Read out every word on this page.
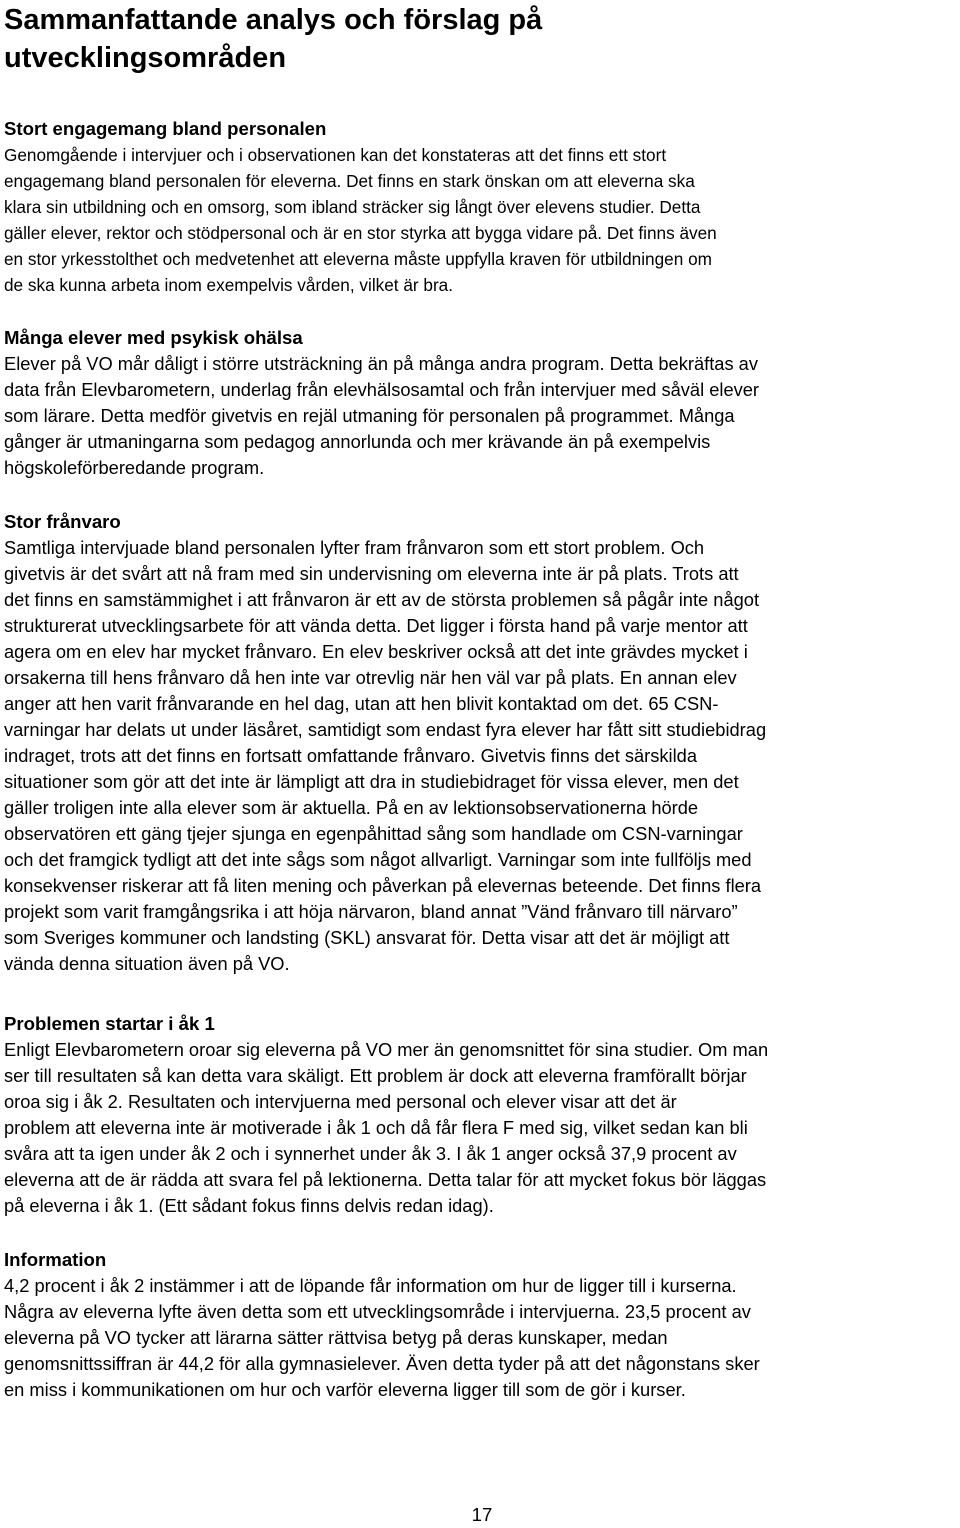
Sammanfattande analys och förslag på
utvecklingsområden
Stort engagemang bland personalen

Genomgående i intervjuer och i observationen kan det konstateras att det finns ett stort
engagemang bland personalen för eleverna. Det finns en stark önskan om att eleverna ska
klara sin utbildning och en omsorg, som ibland sträcker sig långt över elevens studier. Detta
gäller elever, rektor och stödpersonal och är en stor styrka att bygga vidare på. Det finns även
en stor yrkesstolthet och medvetenhet att eleverna måste uppfylla kraven för utbildningen om
de ska kunna arbeta inom exempelvis vården, vilket är bra.

Många elever med psykisk ohälsa

Elever på VO mår dåligt i större utsträckning än på många andra program. Detta bekräftas av
data från Elevbarometern, underlag från elevhälsosamtal och från intervjuer med såväl elever
som lärare. Detta medför givetvis en rejäl utmaning för personalen på programmet. Många
gånger är utmaningarna som pedagog annorlunda och mer krävande än på exempelvis
högskoleförberedande program.

Stor frånvaro

Samtliga intervjuade bland personalen lyfter fram frånvaron som ett stort problem. Och
givetvis är det svårt att nå fram med sin undervisning om eleverna inte är på plats. Trots att
det finns en samstämmighet i att frånvaron är ett av de största problemen så pågår inte något
strukturerat utvecklingsarbete för att vända detta. Det ligger i första hand på varje mentor att
agera om en elev har mycket frånvaro. En elev beskriver också att det inte grävdes mycket i
orsakerna till hens frånvaro då hen inte var otrevlig när hen väl var på plats. En annan elev
anger att hen varit frånvarande en hel dag, utan att hen blivit kontaktad om det. 65 CSN-
varningar har delats ut under läsåret, samtidigt som endast fyra elever har fått sitt studiebidrag
indraget, trots att det finns en fortsatt omfattande frånvaro. Givetvis finns det särskilda
situationer som gör att det inte är lämpligt att dra in studiebidraget för vissa elever, men det
gäller troligen inte alla elever som är aktuella. På en av lektionsobservationerna hörde
observatören ett gäng tjejer sjunga en egenpåhittad sång som handlade om CSN-varningar
och det framgick tydligt att det inte sågs som något allvarligt. Varningar som inte fullföljs med
konsekvenser riskerar att få liten mening och påverkan på elevernas beteende. Det finns flera
projekt som varit framgångsrika i att höja närvaron, bland annat ”Vänd frånvaro till närvaro”
som Sveriges kommuner och landsting (SKL) ansvarat för. Detta visar att det är möjligt att
vända denna situation även på VO.

Problemen startar i åk 1

Enligt Elevbarometern oroar sig eleverna på VO mer än genomsnittet för sina studier. Om man
ser till resultaten så kan detta vara skäligt. Ett problem är dock att eleverna framförallt börjar
oroa sig i åk 2. Resultaten och intervjuerna med personal och elever visar att det är
problem att eleverna inte är motiverade i åk 1 och då får flera F med sig, vilket sedan kan bli
svåra att ta igen under åk 2 och i synnerhet under åk 3. I åk 1 anger också 37,9 procent av
eleverna att de är rädda att svara fel på lektionerna. Detta talar för att mycket fokus bör läggas
på eleverna i åk 1. (Ett sådant fokus finns delvis redan idag).

Information

4,2 procent i åk 2 instämmer i att de löpande får information om hur de ligger till i kurserna.
Några av eleverna lyfte även detta som ett utvecklingsområde i intervjuerna. 23,5 procent av
eleverna på VO tycker att lärarna sätter rättvisa betyg på deras kunskaper, medan
genomsnittssiffran är 44,2 för alla gymnasielever. Även detta tyder på att det någonstans sker
en miss i kommunikationen om hur och varför eleverna ligger till som de gör i kurser.

17
